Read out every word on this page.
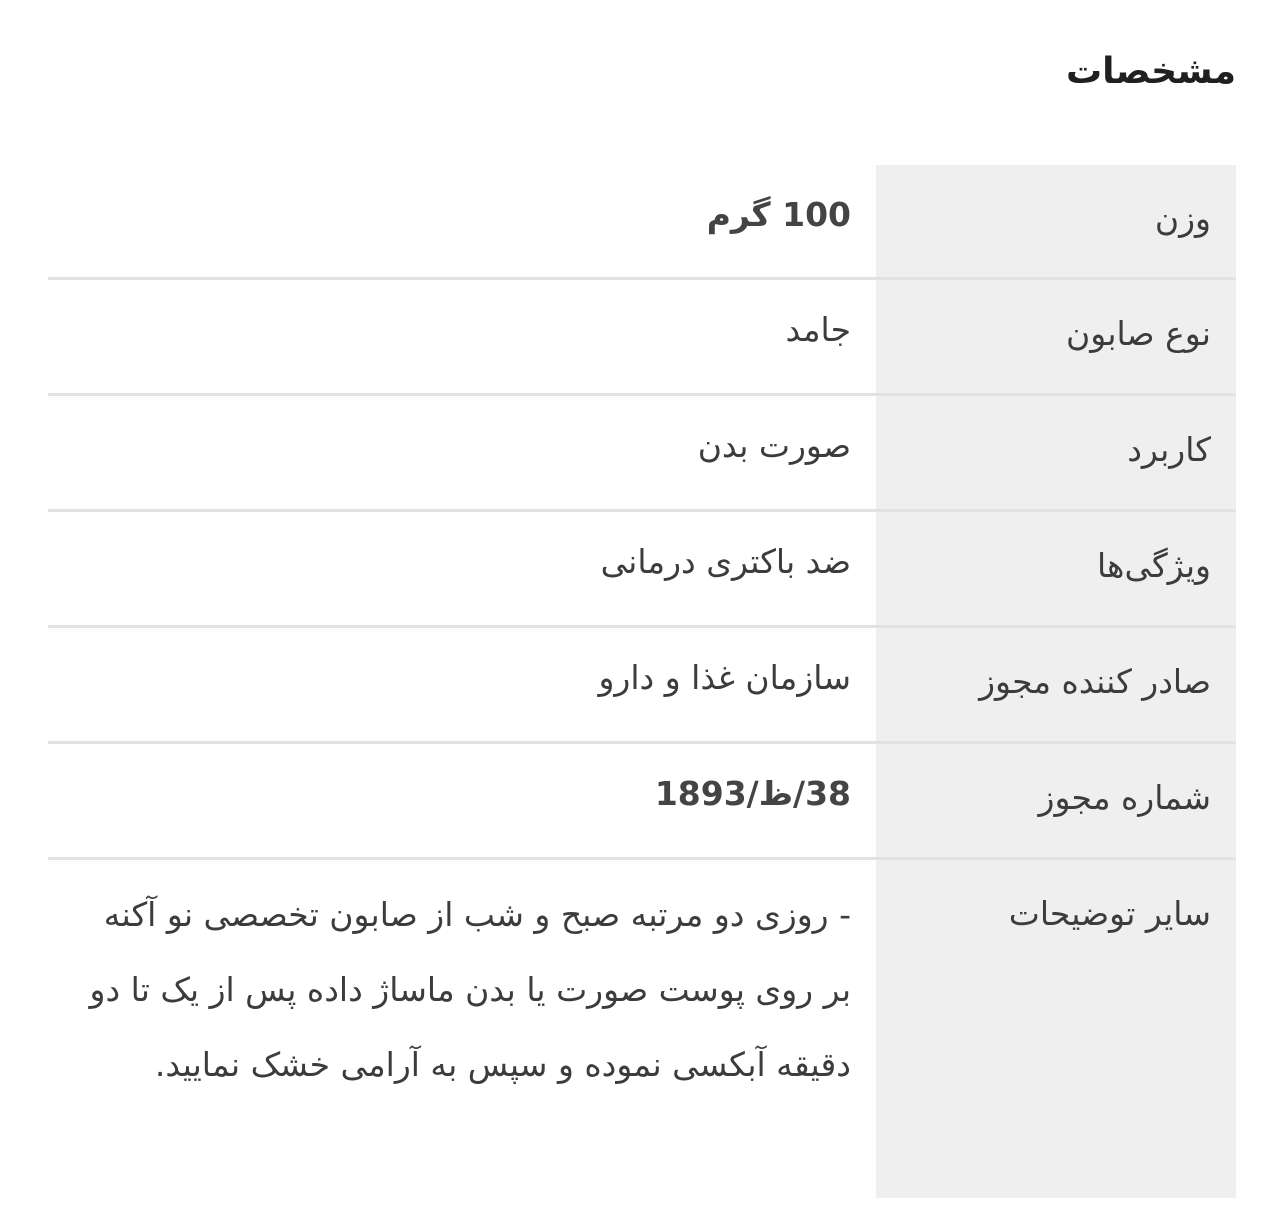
مشخصات
وزن
100 گرم
نوع صابون
جامد
کاربرد
صورت بدن
ویژگی‌ها
ضد باکتری درمانی
صادر کننده مجوز
سازمان غذا و دارو
شماره مجوز
38/ظ/1893
سایر توضیحات
- روزی دو مرتبه صبح و شب از صابون تخصصی نو آکنه بر روی پوست صورت یا بدن ماساژ داده پس از یک تا دو دقیقه آبکسی نموده و سپس به آرامی خشک نمایید.
